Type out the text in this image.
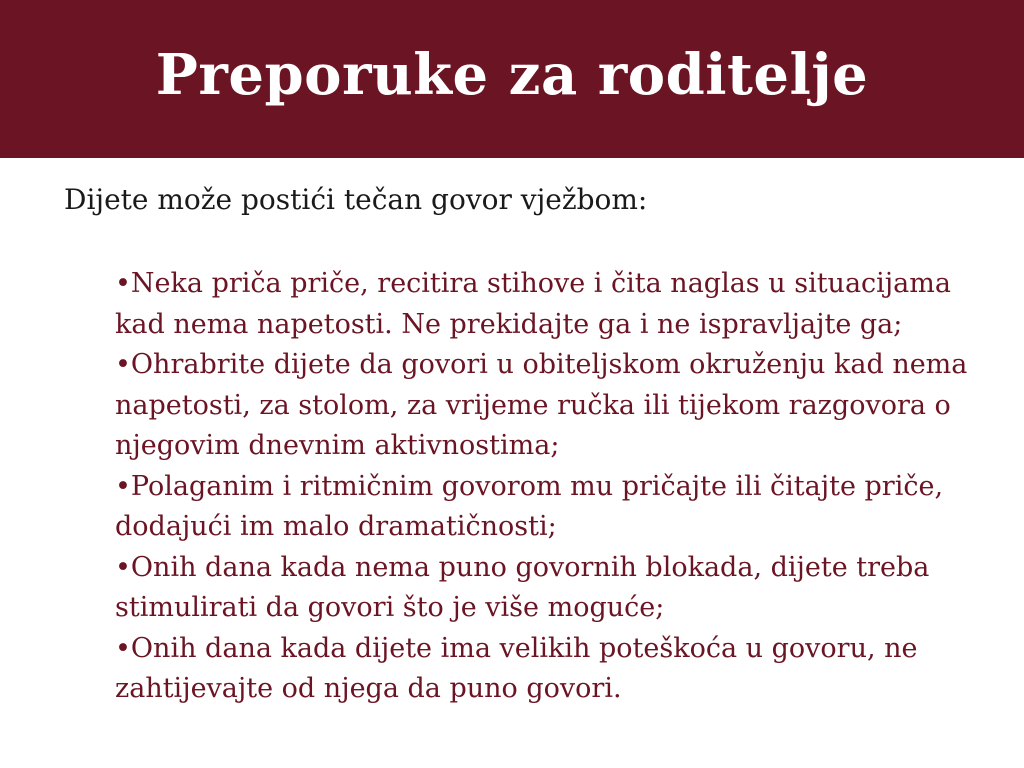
Preporuke za roditelje

Dijete može postići tečan govor vježbom:

•Neka priča priče, recitira stihove i čita naglas u situacijama kad nema napetosti. Ne prekidajte ga i ne ispravljajte ga;
•Ohrabrite dijete da govori u obiteljskom okruženju kad nema napetosti, za stolom, za vrijeme ručka ili tijekom razgovora o njegovim dnevnim aktivnostima;
•Polaganim i ritmičnim govorom mu pričajte ili čitajte priče, dodajući im malo dramatičnosti;
•Onih dana kada nema puno govornih blokada, dijete treba stimulirati da govori što je više moguće;
•Onih dana kada dijete ima velikih poteškoća u govoru, ne zahtijevajte od njega da puno govori.
